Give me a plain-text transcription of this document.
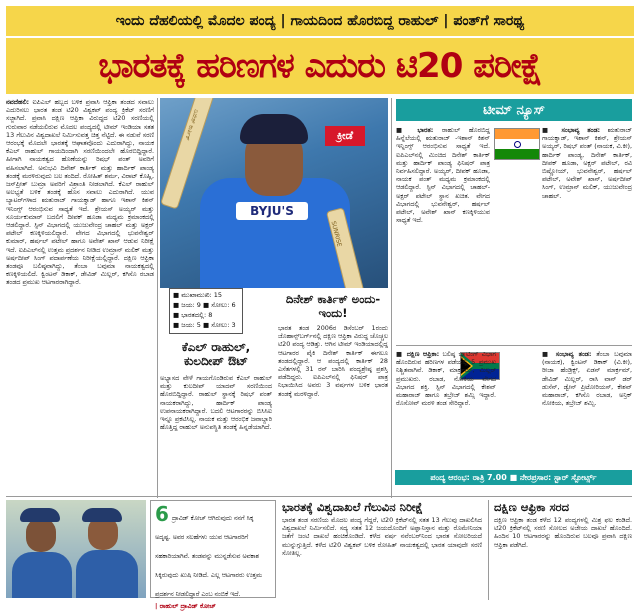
ಇಂದು ದೆಹಲಿಯಲ್ಲಿ ಮೊದಲ ಪಂದ್ಯ | ಗಾಯದಿಂದ ಹೊರಬಿದ್ದ ರಾಹುಲ್ | ಪಂತ್‌ಗೆ ಸಾರಥ್ಯ
ಭಾರತಕ್ಕೆ ಹರಿಣಗಳ ಎದುರು ಟಿ20 ಪರೀಕ್ಷೆ
ನವದೆಹಲಿ: ಐಪಿಎಲ್ ಹಬ್ಬದ ಬಳಿಕ ಪ್ರವಾಸಿ ಆಫ್ರಿಕಾ ತಂಡದ ಸವಾಲು ಎದುರಿಸಲು ಭಾರತ ತಂಡ ಟಿ20 ವಿಶ್ವಕಪ್ ಪಂದ್ಯ ಕ್ರಿಕೆಟ್ ಸರಣಿಗೆ ಸಜ್ಜಾಗಿದೆ. ಪ್ರವಾಸಿ ದಕ್ಷಿಣ ಆಫ್ರಿಕಾ ವಿರುದ್ಧದ ಟಿ20 ಸರಣಿಯಲ್ಲಿ ಗುರುವಾರ ನಡೆಯಲಿರುವ ಮೊದಲ ಪಂದ್ಯದಲ್ಲಿ ಟೀಮ್ ಇಂಡಿಯಾ ಸತತ 13 ಗೆಲುವಿನ ವಿಶ್ವದಾಖಲೆ ನಿರ್ಮಿಸುವತ್ತ ಚಿತ್ತ ನೆಟ್ಟಿದೆ. ಈ ನಡುವೆ ಸರಣಿ ಆರಂಭಕ್ಕೆ ಮೊದಲೇ ಭಾರತಕ್ಕೆ ಆಘಾತವೊಂದು ಎದುರಾಗಿದ್ದು, ನಾಯಕ ಕೆಎಲ್ ರಾಹುಲ್ ಗಾಯದಿಂದಾಗಿ ಸರಣಿಯಿಂದಲೇ ಹೊರಬಿದ್ದಿದ್ದಾರೆ. ಹೀಗಾಗಿ ನಾಯಕತ್ವದ ಹೊಣೆಯನ್ನು ರಿಷಭ್ ಪಂತ್ ಅವರಿಗೆ ವಹಿಸಲಾಗಿದೆ. ಅನುಭವಿ ದಿನೇಶ್ ಕಾರ್ತಿಕ್ ಮತ್ತು ಹಾರ್ದಿಕ್ ಪಾಂಡ್ಯ ತಂಡಕ್ಕೆ ಮರಳಿರುವುದು ಬಲ ತಂದಿದೆ. ರೋಹಿತ್ ಶರ್ಮ, ವಿರಾಟ್ ಕೊಹ್ಲಿ, ಜಸ್‌ಪ್ರೀತ್ ಬುಮ್ರಾ ಅವರಿಗೆ ವಿಶ್ರಾಂತಿ ನೀಡಲಾಗಿದೆ. ಕೆಎಲ್ ರಾಹುಲ್ ಅಲಭ್ಯತೆ ಬಳಿಕ ತಂಡಕ್ಕೆ ಹೊಸ ಸವಾಲು ಎದುರಾಗಿದೆ. ಯುವ ಬ್ಯಾಟರ್‌ಗಳಾದ ಋತುರಾಜ್ ಗಾಯಕ್ವಾಡ್ ಹಾಗೂ ಇಶಾನ್ ಕಿಶನ್ ಇನಿಂಗ್ಸ್ ಆರಂಭಿಸುವ ಸಾಧ್ಯತೆ ಇದೆ. ಶ್ರೇಯಸ್ ಅಯ್ಯರ್ ಮತ್ತು ಸೂರ್ಯಕುಮಾರ್ ಬದಲಿಗೆ ದೀಪಕ್ ಹೂಡಾ ಮಧ್ಯಮ ಕ್ರಮಾಂಕದಲ್ಲಿ ಆಡಲಿದ್ದಾರೆ. ಸ್ಪಿನ್ ವಿಭಾಗದಲ್ಲಿ ಯುಜುವೇಂದ್ರ ಚಾಹಲ್ ಮತ್ತು ಅಕ್ಷರ್ ಪಟೇಲ್ ಕಣಕ್ಕಿಳಿಯಲಿದ್ದಾರೆ. ವೇಗದ ವಿಭಾಗದಲ್ಲಿ ಭುವನೇಶ್ವರ್ ಕುಮಾರ್, ಹರ್ಷಲ್ ಪಟೇಲ್ ಹಾಗೂ ಅವೇಶ್ ಖಾನ್ ಆಡುವ ನಿರೀಕ್ಷೆ ಇದೆ. ಐಪಿಎಲ್‌ನಲ್ಲಿ ಉತ್ತಮ ಪ್ರದರ್ಶನ ನೀಡಿದ ಉಮ್ರಾನ್ ಮಲಿಕ್ ಮತ್ತು ಅರ್ಷದೀಪ್ ಸಿಂಗ್ ಪದಾರ್ಪಣೆಯ ನಿರೀಕ್ಷೆಯಲ್ಲಿದ್ದಾರೆ. ದಕ್ಷಿಣ ಆಫ್ರಿಕಾ ತಂಡವೂ ಬಲಿಷ್ಠವಾಗಿದ್ದು, ತೆಂಬಾ ಬವುಮಾ ನಾಯಕತ್ವದಲ್ಲಿ ಕಣಕ್ಕಿಳಿಯಲಿದೆ. ಕ್ವಿಂಟನ್ ಡಿಕಾಕ್, ಡೇವಿಡ್ ಮಿಲ್ಲರ್, ಕಗಿಸೊ ರಬಾಡ ತಂಡದ ಪ್ರಮುಖ ಆಟಗಾರರಾಗಿದ್ದಾರೆ.
ದಿನೇಶ್ ಕಾರ್ತಿಕ್
SUNRISE
ಕ್ರೀಡೆ
BYJU'S
■ ಮುಖಾಮುಖಿ: 15
■ ಜಯ: 9 ■ ಸೋಲು: 6
■ ಭಾರತದಲ್ಲಿ: 8
■ ಜಯ: 5 ■ ಸೋಲು: 3
ಕೆಎಲ್ ರಾಹುಲ್, ಕುಲದೀಪ್ ಔಟ್
ಅಭ್ಯಾಸದ ವೇಳೆ ಗಾಯಗೊಂಡಿರುವ ಕೆಎಲ್ ರಾಹುಲ್ ಮತ್ತು ಕುಲದೀಪ್ ಯಾದವ್ ಸರಣಿಯಿಂದ ಹೊರಬಿದ್ದಿದ್ದಾರೆ. ರಾಹುಲ್ ಸ್ಥಾನಕ್ಕೆ ರಿಷಭ್ ಪಂತ್ ನಾಯಕರಾಗಿದ್ದು, ಹಾರ್ದಿಕ್ ಪಾಂಡ್ಯ ಉಪನಾಯಕರಾಗಿದ್ದಾರೆ. ಬದಲಿ ಆಟಗಾರರನ್ನು ಬಿಸಿಸಿಐ ಇನ್ನೂ ಪ್ರಕಟಿಸಿಲ್ಲ. ನಾಯಕ ಮತ್ತು ಆರಂಭಿಕ ಜವಾಬ್ದಾರಿ ಹೊತ್ತಿದ್ದ ರಾಹುಲ್ ಅನುಪಸ್ಥಿತಿ ತಂಡಕ್ಕೆ ಹಿನ್ನಡೆಯಾಗಿದೆ.
ದಿನೇಶ್ ಕಾರ್ತಿಕ್ ಅಂದು-ಇಂದು!
ಭಾರತ ತಂಡ 2006ರ ಡಿಸೆಂಬರ್ 1ರಂದು ಜೊಹಾನ್ಸ್‌ಬರ್ಗ್‌ನಲ್ಲಿ ದಕ್ಷಿಣ ಆಫ್ರಿಕಾ ವಿರುದ್ಧ ಚೊಚ್ಚಲ ಟಿ20 ಪಂದ್ಯ ಆಡಿತ್ತು. ಆಗಿನ ಟೀಮ್ ಇಂಡಿಯಾದಲ್ಲಿದ್ದ ಆಟಗಾರರ ಪೈಕಿ ದಿನೇಶ್ ಕಾರ್ತಿಕ್ ಈಗಲೂ ತಂಡದಲ್ಲಿದ್ದಾರೆ. ಆ ಪಂದ್ಯದಲ್ಲಿ ಕಾರ್ತಿಕ್ 28 ಎಸೆತಗಳಲ್ಲಿ 31 ರನ್ ಬಾರಿಸಿ ಪಂದ್ಯಶ್ರೇಷ್ಠ ಪ್ರಶಸ್ತಿ ಪಡೆದಿದ್ದರು. ಐಪಿಎಲ್‌ನಲ್ಲಿ ಫಿನಿಷರ್ ಪಾತ್ರ ನಿಭಾಯಿಸಿದ ಅವರು 3 ವರ್ಷಗಳ ಬಳಿಕ ಭಾರತ ತಂಡಕ್ಕೆ ಮರಳಿದ್ದಾರೆ.
ಟೀಮ್ ನ್ಯೂಸ್
■ ಭಾರತ: ರಾಹುಲ್ ಹೊರಬಿದ್ದ ಹಿನ್ನೆಲೆಯಲ್ಲಿ ಋತುರಾಜ್ -ಇಶಾನ್ ಕಿಶನ್ ಇನ್ನಿಂಗ್ಸ್ ಆರಂಭಿಸುವ ಸಾಧ್ಯತೆ ಇದೆ. ಐಪಿಎಲ್‌ನಲ್ಲಿ ಮಿಂಚಿದ ದಿನೇಶ್ ಕಾರ್ತಿಕ್ ಮತ್ತು ಹಾರ್ದಿಕ್ ಪಾಂಡ್ಯ ಫಿನಿಷರ್ ಪಾತ್ರ ನಿರ್ವಹಿಸಲಿದ್ದಾರೆ. ಅಯ್ಯರ್, ದೀಪಕ್ ಹೂಡಾ, ನಾಯಕ ಪಂತ್ ಮಧ್ಯಮ ಕ್ರಮಾಂಕದಲ್ಲಿ ಆಡಲಿದ್ದಾರೆ. ಸ್ಪಿನ್ ವಿಭಾಗದಲ್ಲಿ ಚಾಹಲ್-ಅಕ್ಷರ್ ಪಟೇಲ್ ಸ್ಥಾನ ಖಚಿತ. ವೇಗದ ವಿಭಾಗದಲ್ಲಿ ಭುವನೇಶ್ವರ್, ಹರ್ಷಲ್ ಪಟೇಲ್, ಅವೇಶ್ ಖಾನ್ ಕಣಕ್ಕಿಳಿಯುವ ಸಾಧ್ಯತೆ ಇದೆ.
■ ಸಂಭಾವ್ಯ ತಂಡ: ಋತುರಾಜ್ ಗಾಯಕ್ವಾಡ್, ಇಶಾನ್ ಕಿಶನ್, ಶ್ರೇಯಸ್ ಅಯ್ಯರ್, ರಿಷಭ್ ಪಂತ್ (ನಾಯಕ, ವಿ.ಕೀ), ಹಾರ್ದಿಕ್ ಪಾಂಡ್ಯ, ದಿನೇಶ್ ಕಾರ್ತಿಕ್, ದೀಪಕ್ ಹೂಡಾ, ಅಕ್ಷರ್ ಪಟೇಲ್, ರವಿ ಬಿಷ್ಣೋಯ್, ಭುವನೇಶ್ವರ್, ಹರ್ಷಲ್ ಪಟೇಲ್, ಅವೇಶ್ ಖಾನ್, ಅರ್ಷದೀಪ್ ಸಿಂಗ್, ಉಮ್ರಾನ್ ಮಲಿಕ್, ಯುಜುವೇಂದ್ರ ಚಾಹಲ್.
■ ದಕ್ಷಿಣ ಆಫ್ರಿಕಾ: ಬಲಿಷ್ಠ ಬ್ಯಾಟಿಂಗ್ ವಿಭಾಗ ಹೊಂದಿರುವ ಹರಿಣಗಳ ಪಡೆಯಲ್ಲಿ 5 ಪ್ರಮುಖ ನಿಶ್ಚಿತವಾಗಿವೆ. ಡಿಕಾಕ್, ಮಾರ್ಕ್ರಮ್, ಮಿಲ್ಲರ್ ಪ್ರಮುಖರು. ರಬಾಡ, ನೋಕಿಯ ವೇಗದ ವಿಭಾಗದ ಶಕ್ತಿ. ಸ್ಪಿನ್ ವಿಭಾಗದಲ್ಲಿ ಕೇಶವ್ ಮಹಾರಾಜ್ ಹಾಗೂ ತಬ್ರೇಜ್ ಶಮ್ಸಿ ಇದ್ದಾರೆ. ರೊಸೋವ್ ಮರಳಿ ತಂಡ ಸೇರಿದ್ದಾರೆ.
■ ಸಂಭಾವ್ಯ ತಂಡ: ತೆಂಬಾ ಬವುಮಾ (ನಾಯಕ), ಕ್ವಿಂಟನ್ ಡಿಕಾಕ್ (ವಿ.ಕೀ), ರೀಜಾ ಹೆಂಡ್ರಿಕ್ಸ್, ಏಡನ್ ಮಾರ್ಕ್ರಮ್, ಡೇವಿಡ್ ಮಿಲ್ಲರ್, ರಾಸಿ ವಾನ್ ಡರ್ ಡುಸೆನ್, ಡ್ವೇನ್ ಪ್ರಿಟೋರಿಯಸ್, ಕೇಶವ್ ಮಹಾರಾಜ್, ಕಗಿಸೊ ರಬಾಡ, ಅನ್ರಿಕ್ ನೋಕಿಯ, ತಬ್ರೇಜ್ ಶಮ್ಸಿ.
ಪಂದ್ಯ ಆರಂಭ: ರಾತ್ರಿ 7.00 ■ ನೇರಪ್ರಸಾರ: ಸ್ಟಾರ್ ಸ್ಪೋರ್ಟ್ಸ್
6 ದ್ರಾವಿಡ್‌ ಕೋಚ್ ಆಗಿರುವುದು ನನಗೆ ಸಿಕ್ಕ ಅದೃಷ್ಟ. ಅವರ ಸಲಹೆಗಳು ಯುವ ಆಟಗಾರರಿಗೆ ಸಹಕಾರಿಯಾಗಿವೆ. ತಂಡವನ್ನು ಮುನ್ನಡೆಸುವ ಅವಕಾಶ ಸಿಕ್ಕಿರುವುದು ಖುಷಿ ನೀಡಿದೆ. ಎಲ್ಲ ಆಟಗಾರರು ಉತ್ತಮ ಪ್ರದರ್ಶನ ನೀಡಲಿದ್ದಾರೆ ಎಂಬ ನಂಬಿಕೆ ಇದೆ.
| ರಾಹುಲ್ ದ್ರಾವಿಡ್ ಕೋಚ್
ಭಾರತಕ್ಕೆ ವಿಶ್ವದಾಖಲೆ ಗೆಲುವಿನ ನಿರೀಕ್ಷೆ
ಭಾರತ ತಂಡ ಸರಣಿಯ ಮೊದಲ ಪಂದ್ಯ ಗೆದ್ದರೆ, ಟಿ20 ಕ್ರಿಕೆಟ್‌ನಲ್ಲಿ ಸತತ 13 ಗೆಲುವು ದಾಖಲಿಸಿದ ವಿಶ್ವದಾಖಲೆ ನಿರ್ಮಿಸಲಿದೆ. ಸದ್ಯ ಸತತ 12 ಜಯದೊಂದಿಗೆ ಅಫ್ಘಾನಿಸ್ತಾನ ಮತ್ತು ರೊಮೇನಿಯಾ ಜತೆಗೆ ಜಂಟಿ ದಾಖಲೆ ಹಂಚಿಕೊಂಡಿದೆ. ಕಳೆದ ವರ್ಷ ನವೆಂಬರ್‌ನಿಂದ ಭಾರತ ಸೋಲರಿಯದೆ ಮುನ್ನುಗ್ಗುತ್ತಿದೆ. ಕಳೆದ ಟಿ20 ವಿಶ್ವಕಪ್ ಬಳಿಕ ರೋಹಿತ್ ನಾಯಕತ್ವದಲ್ಲಿ ಭಾರತ ಯಾವುದೇ ಸರಣಿ ಸೋತಿಲ್ಲ.
ದಕ್ಷಿಣ ಆಫ್ರಿಕಾ ಸರದ
ದಕ್ಷಿಣ ಆಫ್ರಿಕಾ ತಂಡ ಕಳೆದ 12 ಪಂದ್ಯಗಳಲ್ಲಿ ಮಿಶ್ರ ಫಲ ಕಂಡಿದೆ. ಟಿ20 ಕ್ರಿಕೆಟ್‌ನಲ್ಲಿ ಸರಣಿ ಸೋಲದ ಅಜೇಯ ದಾಖಲೆ ಹೊಂದಿದೆ. ಹಿಂದಿನ 10 ಆಟಗಾರರನ್ನು ಹೊಂದಿರುವ ಬಲವೂ ಪ್ರವಾಸಿ ದಕ್ಷಿಣ ಆಫ್ರಿಕಾ ಪಡೆಗಿದೆ.
